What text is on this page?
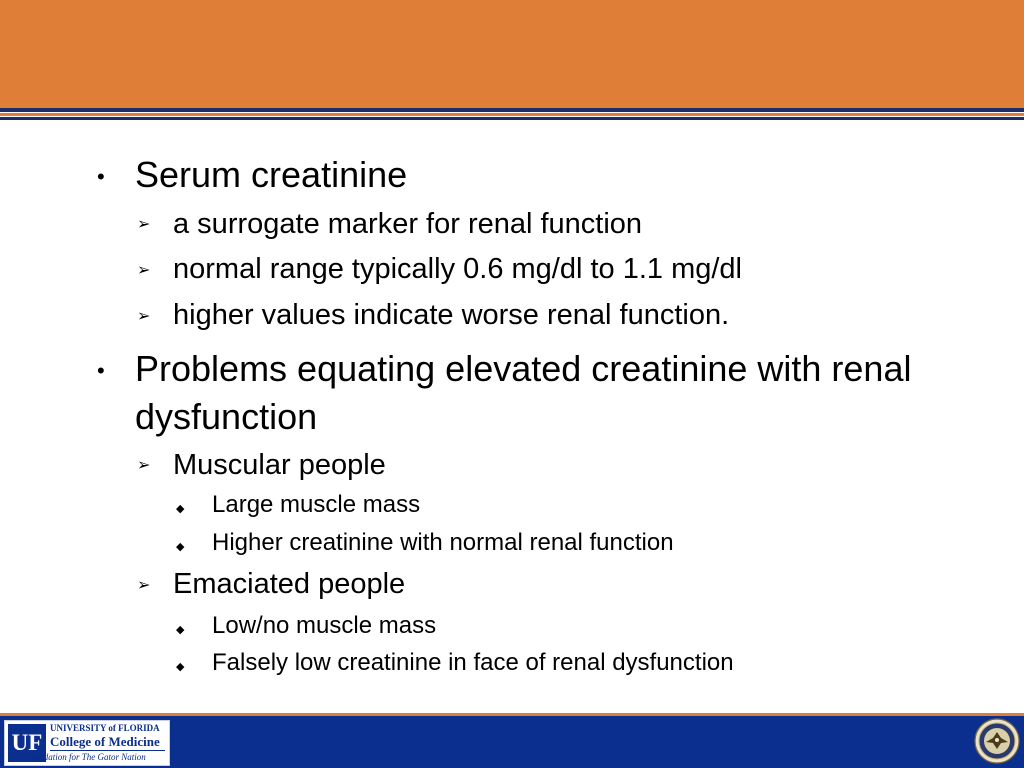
• Serum creatinine
➢ a surrogate marker for renal function
➢ normal range typically 0.6 mg/dl to 1.1 mg/dl
➢ higher values indicate worse renal function.
• Problems equating elevated creatinine with renal
dysfunction
➢ Muscular people
◆ Large muscle mass
◆ Higher creatinine with normal renal function
➢ Emaciated people
◆ Low/no muscle mass
◆ Falsely low creatinine in face of renal dysfunction
UF
UNIVERSITY of FLORIDA
College of Medicine
The Foundation for The Gator Nation
